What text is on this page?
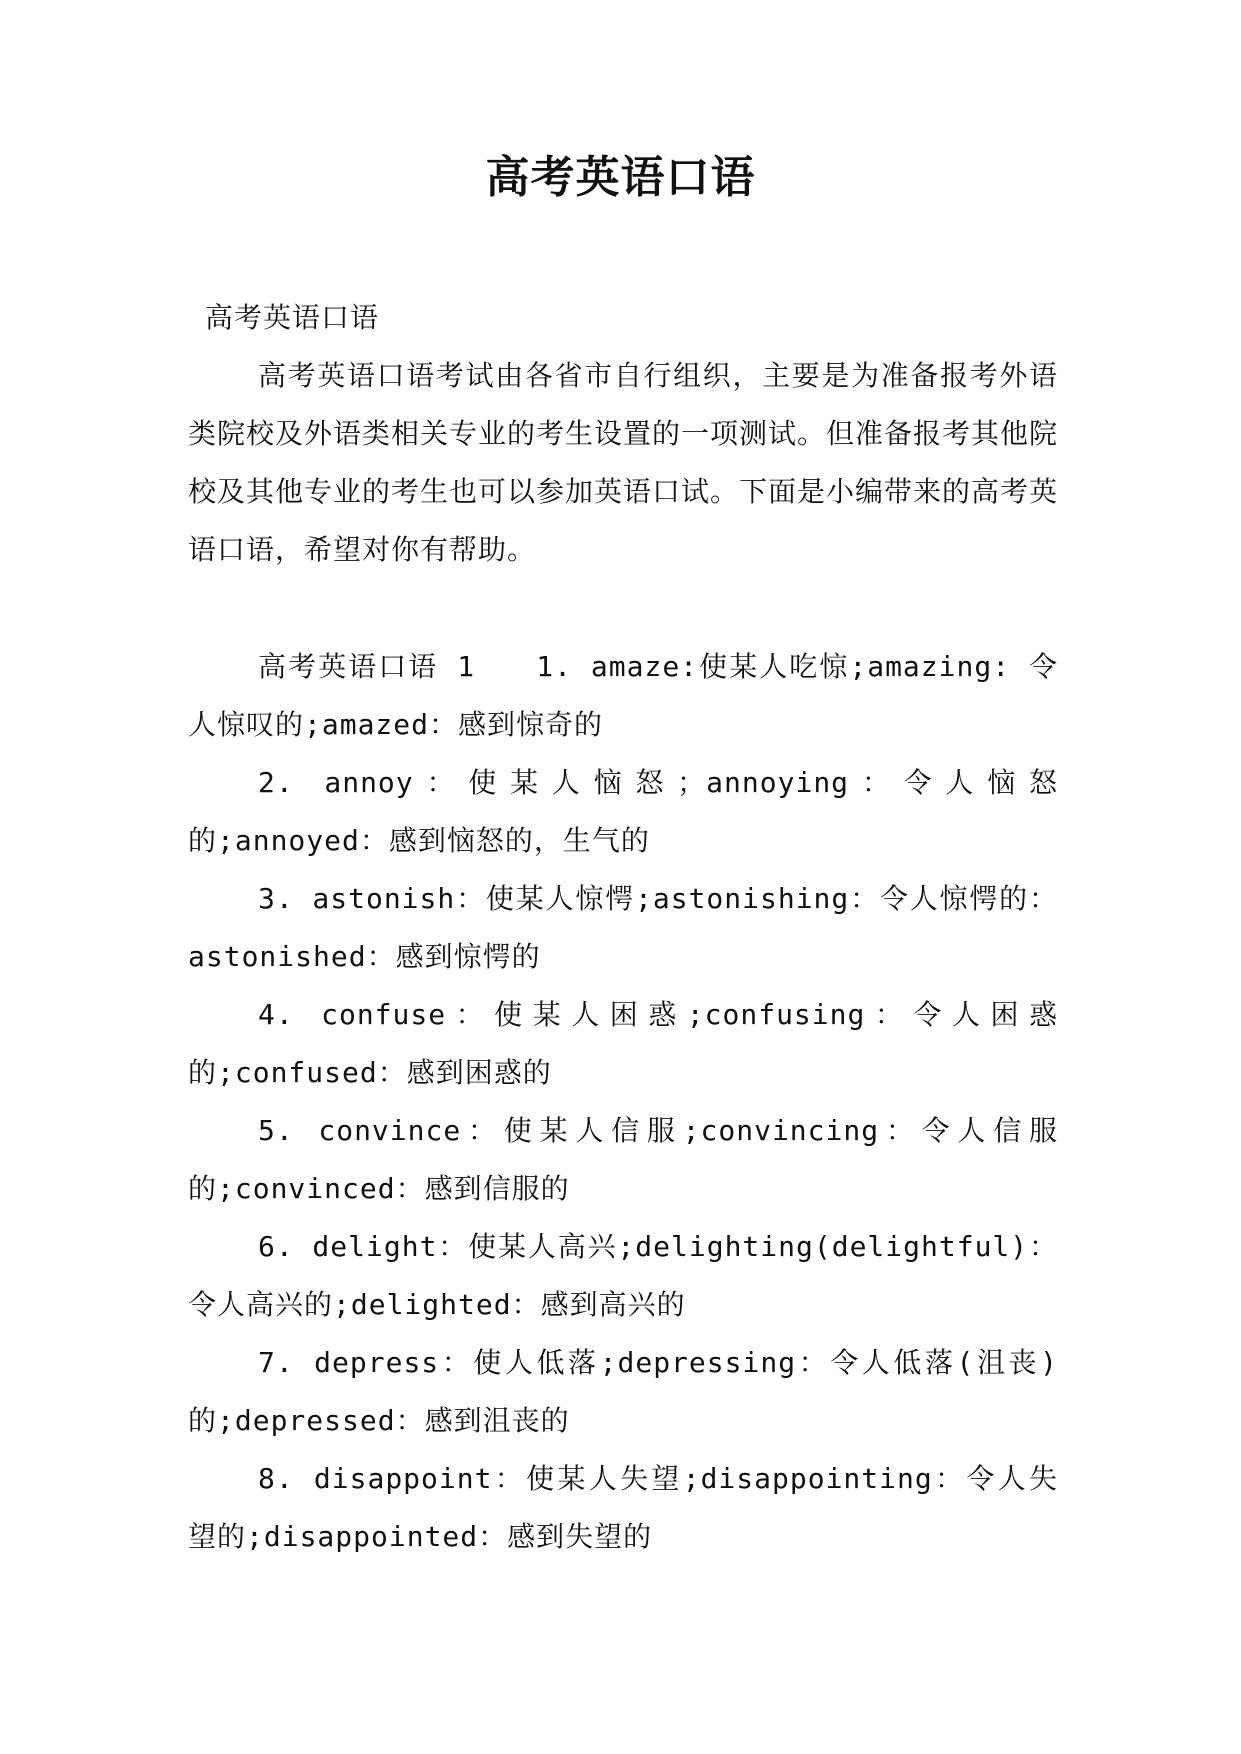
高考英语口语

高考英语口语

高考英语口语考试由各省市自行组织，主要是为准备报考外语类院校及外语类相关专业的考生设置的一项测试。但准备报考其他院校及其他专业的考生也可以参加英语口试。下面是小编带来的高考英语口语，希望对你有帮助。

高考英语口语 1　　1. amaze:使某人吃惊;amazing: 令人惊叹的;amazed：感到惊奇的

2. annoy：使某人恼怒；annoying：令人恼怒的;annoyed：感到恼怒的，生气的

3. astonish：使某人惊愕;astonishing：令人惊愕的：astonished：感到惊愕的

4. confuse：使某人困惑;confusing：令人困惑的;confused：感到困惑的

5. convince：使某人信服;convincing：令人信服的;convinced：感到信服的

6. delight：使某人高兴;delighting(delightful)：令人高兴的;delighted：感到高兴的

7. depress：使人低落;depressing：令人低落(沮丧)的;depressed：感到沮丧的

8. disappoint：使某人失望;disappointing：令人失望的;disappointed：感到失望的
